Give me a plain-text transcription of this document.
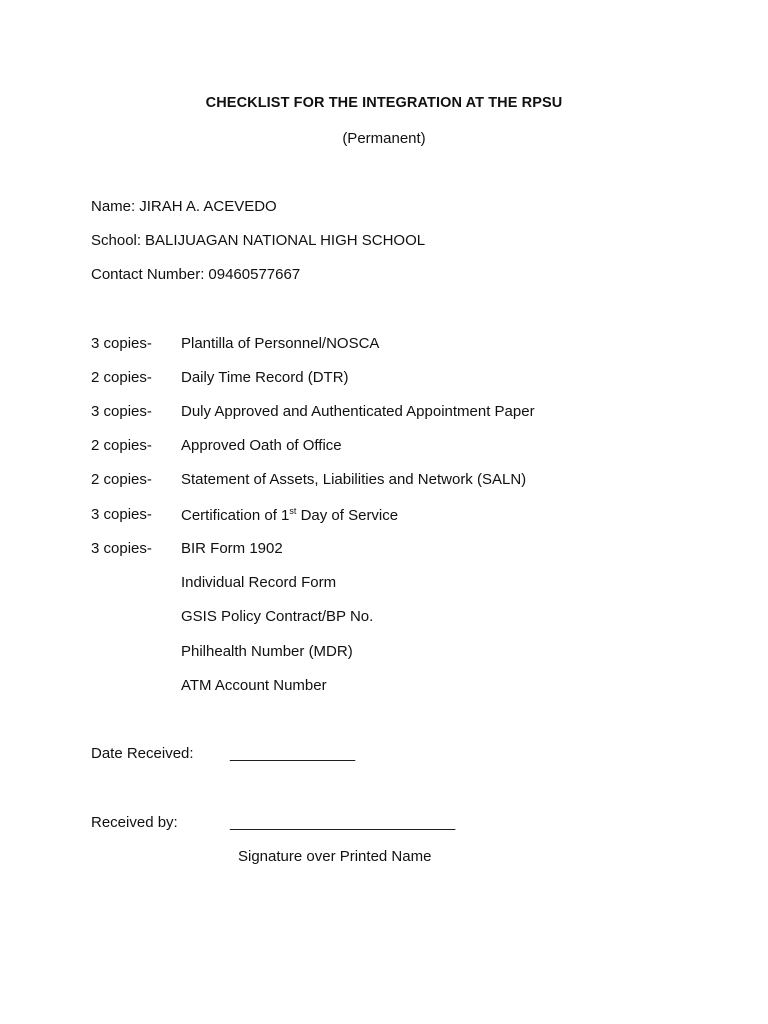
CHECKLIST FOR THE INTEGRATION AT THE RPSU
(Permanent)
Name: JIRAH A. ACEVEDO
School: BALIJUAGAN NATIONAL HIGH SCHOOL
Contact Number: 09460577667
3 copies- Plantilla of Personnel/NOSCA
2 copies- Daily Time Record (DTR)
3 copies- Duly Approved and Authenticated Appointment Paper
2 copies- Approved Oath of Office
2 copies- Statement of Assets, Liabilities and Network (SALN)
3 copies- Certification of 1st Day of Service
3 copies- BIR Form 1902
Individual Record Form
GSIS Policy Contract/BP No.
Philhealth Number (MDR)
ATM Account Number
Date Received: _______________
Received by:	___________________________
Signature over Printed Name
